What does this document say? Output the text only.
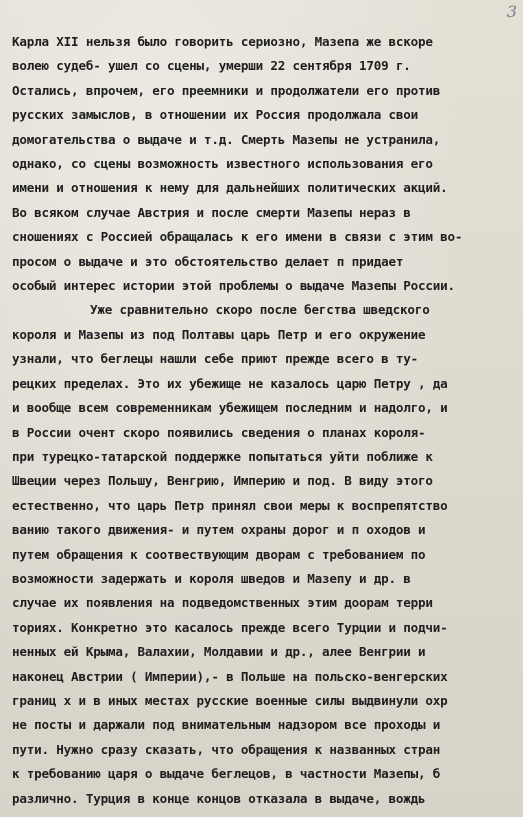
3
Карла XII нельзя было говорить сериозно, Мазепа же вскоре
волею судеб- ушел со сцены, умерши 22 сентября 1709 г.
Остались, впрочем, его преемники и продолжатели его против
русских замыслов, в отношении их Россия продолжала свои
домогательства о выдаче и т.д. Смерть Мазепы не устранила,
однако, со сцены возможность известного использования его
имени и отношения к нему для дальнейших политических акций.
Во всяком случае Австрия и после смерти Мазепы нераз в
сношениях с Россией обращалась к его имени в связи с этим во-
просом о выдаче и это обстоятельство делает п придает
особый интерес истории этой проблемы о выдаче Мазепы России.
Уже сравнительно скоро после бегства шведского
короля и Мазепы из под Полтавы царь Петр и его окружение
узнали, что беглецы нашли себе приют прежде всего в ту-
рецких пределах. Это их убежище не казалось царю Петру , да
и вообще всем современникам убежищем последним и надолго, и
в России очент скоро появились сведения о планах короля-
при турецко-татарской поддержке попытаться уйти поближе к
Швеции через Польшу, Венгрию, Империю и под. В виду этого
естественно, что царь Петр принял свои меры к воспрепятство
ванию такого движения- и путем охраны дорог и п оходов и
путем обращения к соотвествующим дворам с требованием по
возможности задержать и короля шведов и Мазепу и др. в
случае их появления на подведомственных этим доорам терри
ториях. Конкретно это касалось прежде всего Турции и подчи-
ненных ей Крыма, Валахии, Молдавии и др., алее Венгрии и
наконец Австрии ( Империи),- в Польше на польско-венгерских
границ х и в иных местах русские военные силы выдвинули охр
не посты и даржали под внимательным надзором все проходы и
пути. Нужно сразу сказать, что обращения к названных стран
к требованию царя о выдаче беглецов, в частности Мазепы, б
различно. Турция в конце концов отказала в выдаче, вождь
